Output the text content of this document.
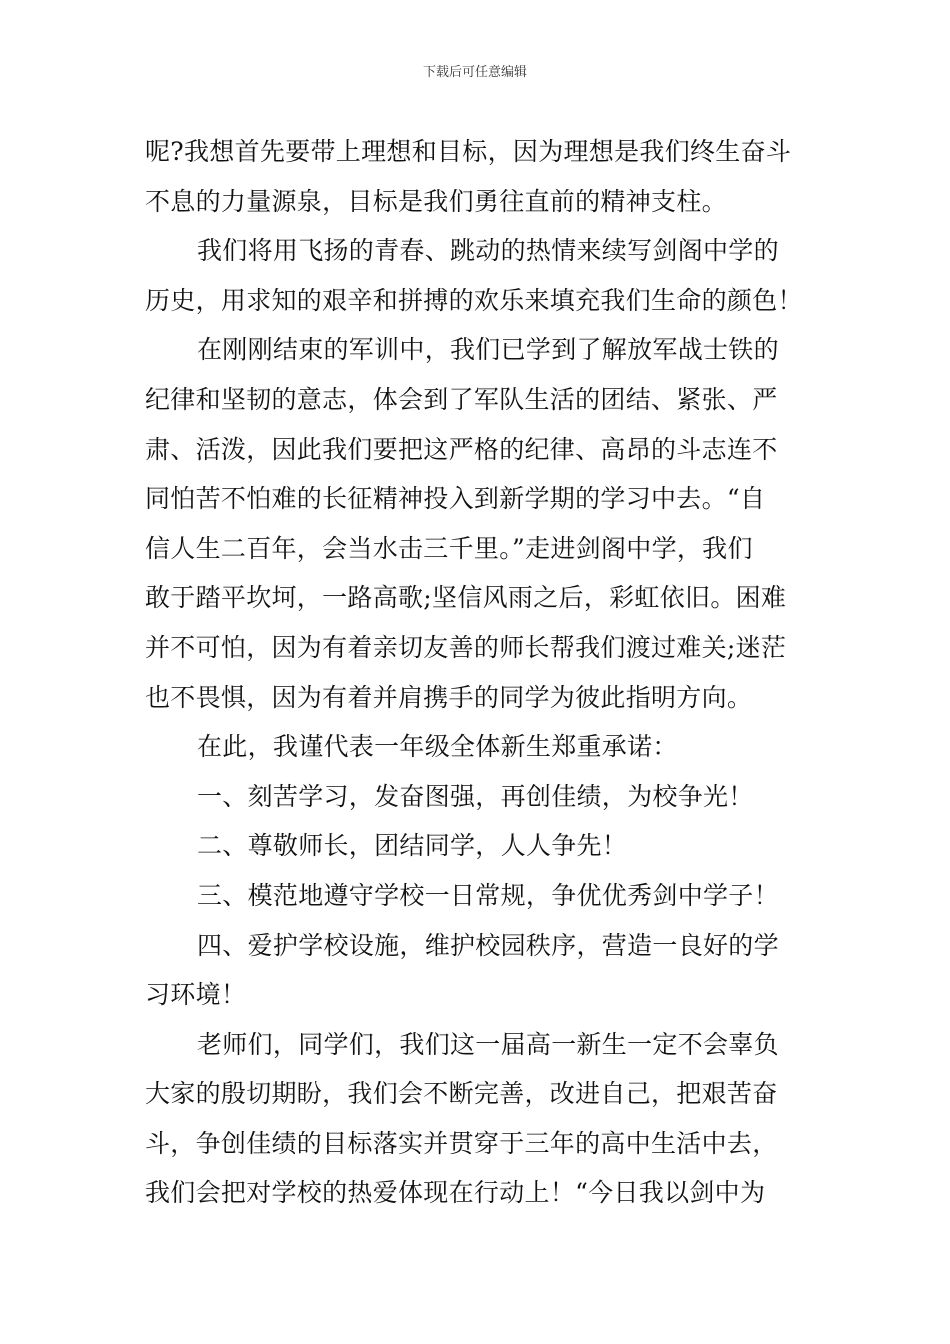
下载后可任意编辑
呢?我想首先要带上理想和目标，因为理想是我们终生奋斗
不息的力量源泉，目标是我们勇往直前的精神支柱。
我们将用飞扬的青春、跳动的热情来续写剑阁中学的
历史，用求知的艰辛和拼搏的欢乐来填充我们生命的颜色！
在刚刚结束的军训中，我们已学到了解放军战士铁的
纪律和坚韧的意志，体会到了军队生活的团结、紧张、严
肃、活泼，因此我们要把这严格的纪律、高昂的斗志连不
同怕苦不怕难的长征精神投入到新学期的学习中去。“自
信人生二百年，会当水击三千里。”走进剑阁中学，我们
敢于踏平坎坷，一路高歌;坚信风雨之后，彩虹依旧。困难
并不可怕，因为有着亲切友善的师长帮我们渡过难关;迷茫
也不畏惧，因为有着并肩携手的同学为彼此指明方向。
在此，我谨代表一年级全体新生郑重承诺：
一、刻苦学习，发奋图强，再创佳绩，为校争光！
二、尊敬师长，团结同学，人人争先！
三、模范地遵守学校一日常规，争优优秀剑中学子！
四、爱护学校设施，维护校园秩序，营造一良好的学
习环境！
老师们，同学们，我们这一届高一新生一定不会辜负
大家的殷切期盼，我们会不断完善，改进自己，把艰苦奋
斗，争创佳绩的目标落实并贯穿于三年的高中生活中去，
我们会把对学校的热爱体现在行动上！“今日我以剑中为
